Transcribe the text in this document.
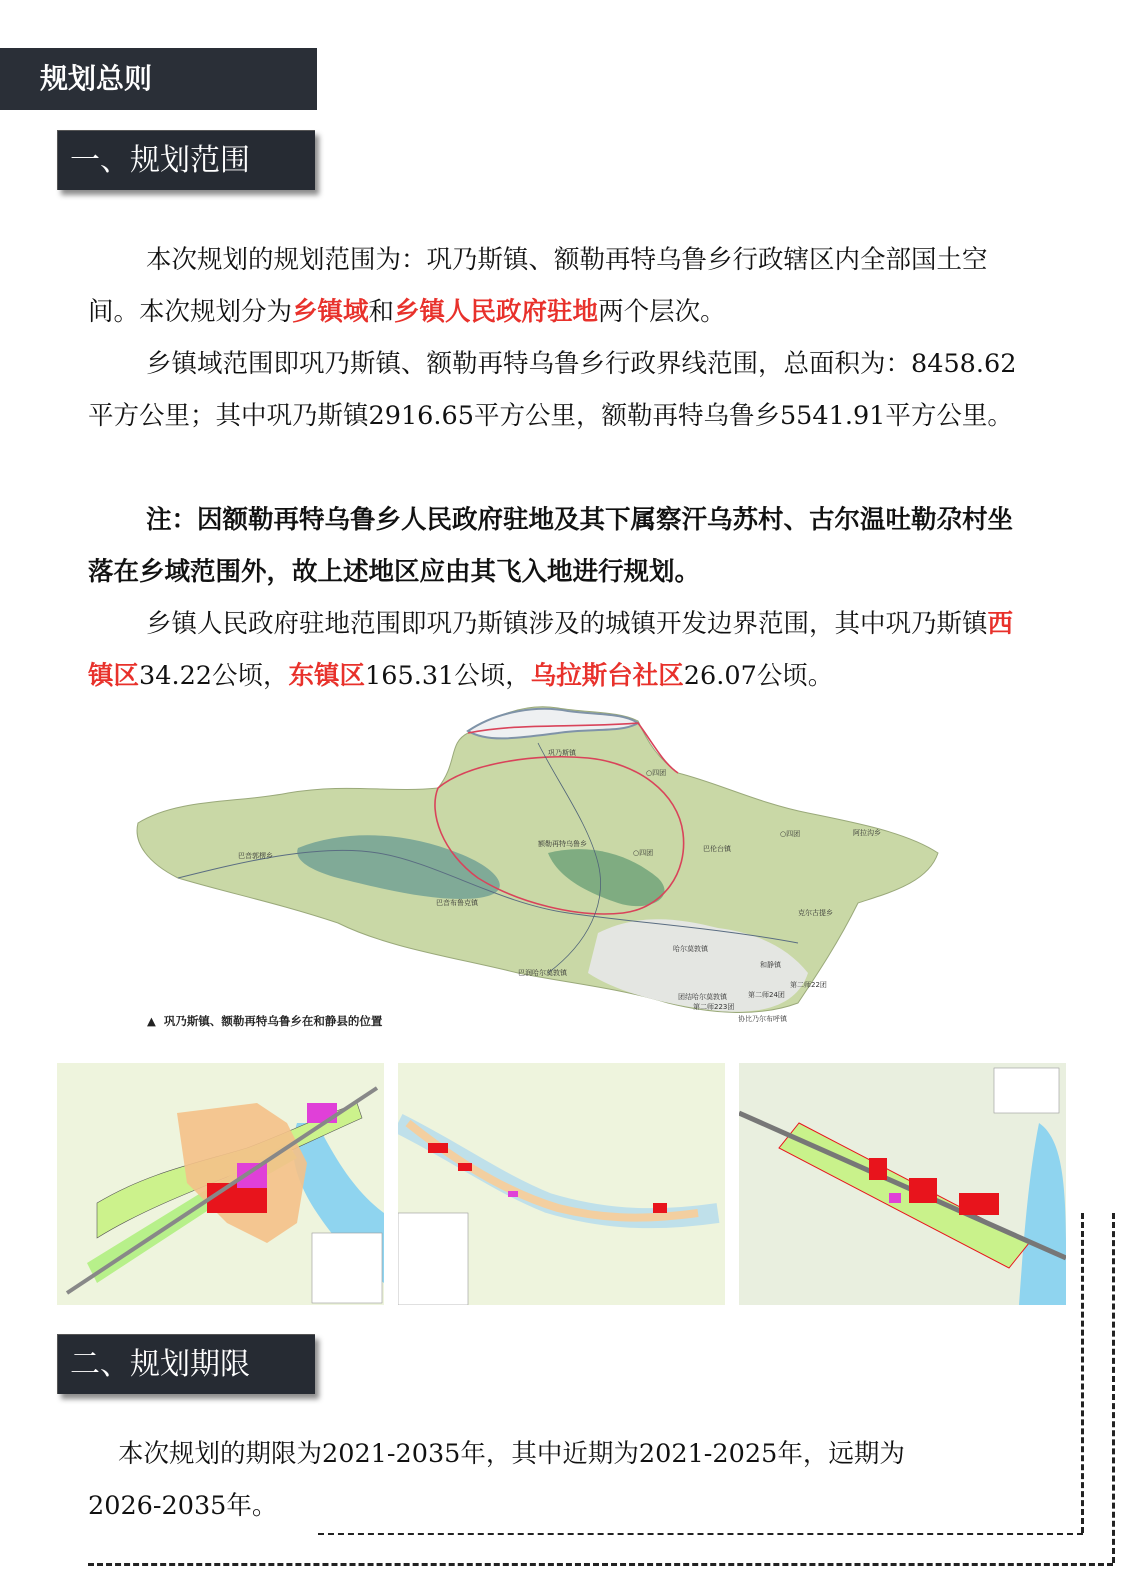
规划总则
一、规划范围

本次规划的规划范围为：巩乃斯镇、额勒再特乌鲁乡行政辖区内全部国土空间。本次规划分为乡镇域和乡镇人民政府驻地两个层次。

乡镇域范围即巩乃斯镇、额勒再特乌鲁乡行政界线范围，总面积为：8458.62平方公里；其中巩乃斯镇2916.65平方公里，额勒再特乌鲁乡5541.91平方公里。

注：因额勒再特乌鲁乡人民政府驻地及其下属察汗乌苏村、古尔温吐勒尕村坐落在乡域范围外，故上述地区应由其飞入地进行规划。

乡镇人民政府驻地范围即巩乃斯镇涉及的城镇开发边界范围，其中巩乃斯镇西镇区34.22公顷，东镇区165.31公顷，乌拉斯台社区26.07公顷。

巩乃斯镇
○四团
额勒再特乌鲁乡
○四团	巴伦台镇
○四团	阿拉沟乡
巴音郭楞乡
巴音布鲁克镇
克尔古提乡
哈尔莫敦镇
和静镇
巴润哈尔莫敦镇
第二师22团
第二师24团
团结哈尔莫敦镇
第二师223团
协比乃尔布呼镇
▲  巩乃斯镇、额勒再特乌鲁乡在和静县的位置
二、规划期限

本次规划的期限为2021-2035年，其中近期为2021-2025年，远期为2026-2035年。
